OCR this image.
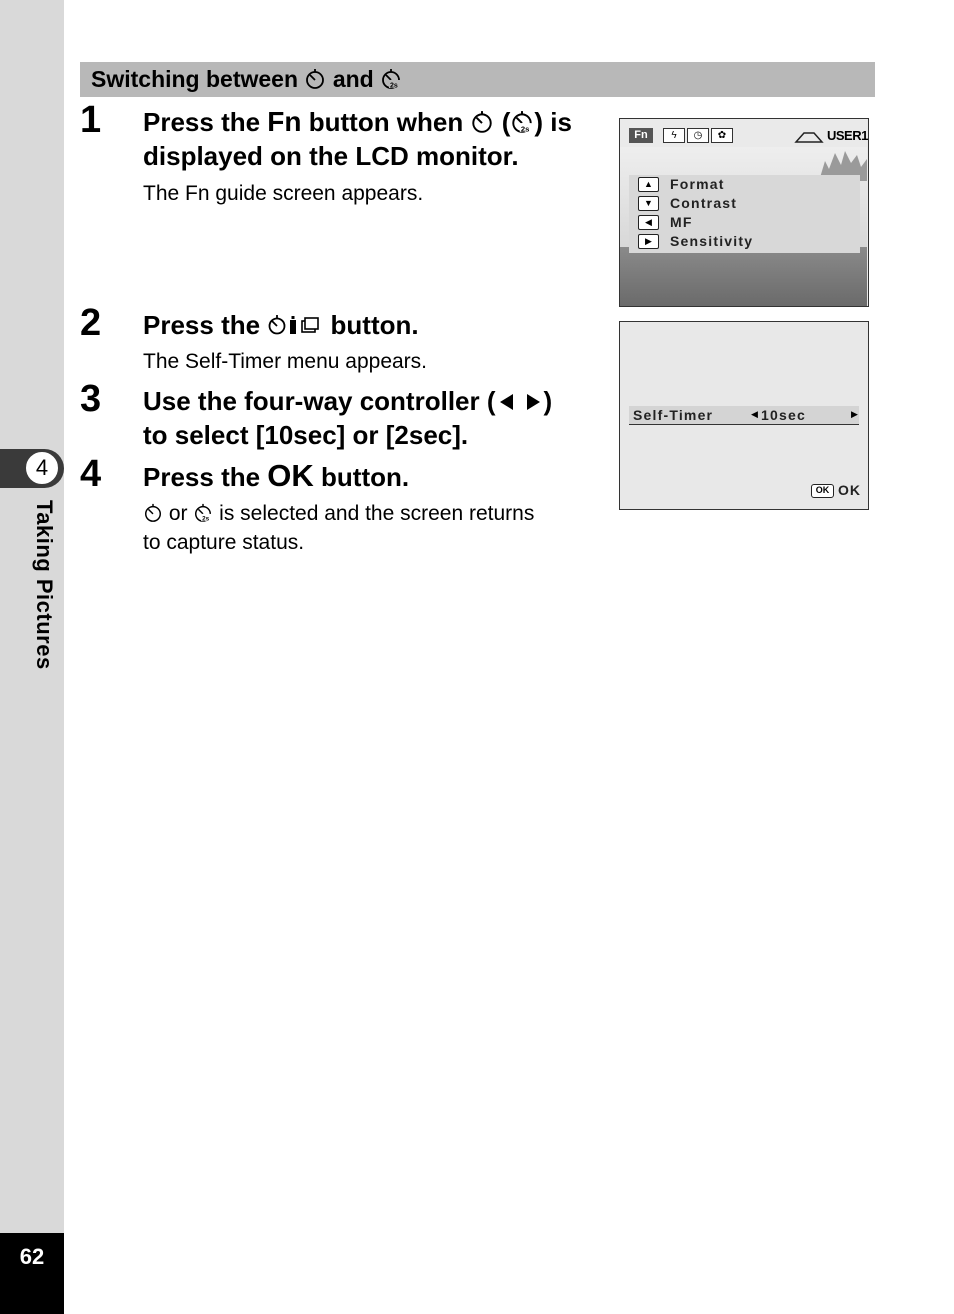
4
Taking Pictures
62
Switching between and 2s
1 Press the Fn button when  ( 2s ) is
displayed on the LCD monitor.
The Fn guide screen appears.
2 Press the  button.
The Self-Timer menu appears.
3 Use the four-way controller ( )
to select [10sec] or [2sec].
4 Press the OK button.
or 2s is selected and the screen returns
to capture status.
Fn	ϟ	◷	✿	USER1
▲	Format
▼	Contrast
◀	MF
▶	Sensitivity
Self-Timer	◀ 10sec	▶
OK OK
